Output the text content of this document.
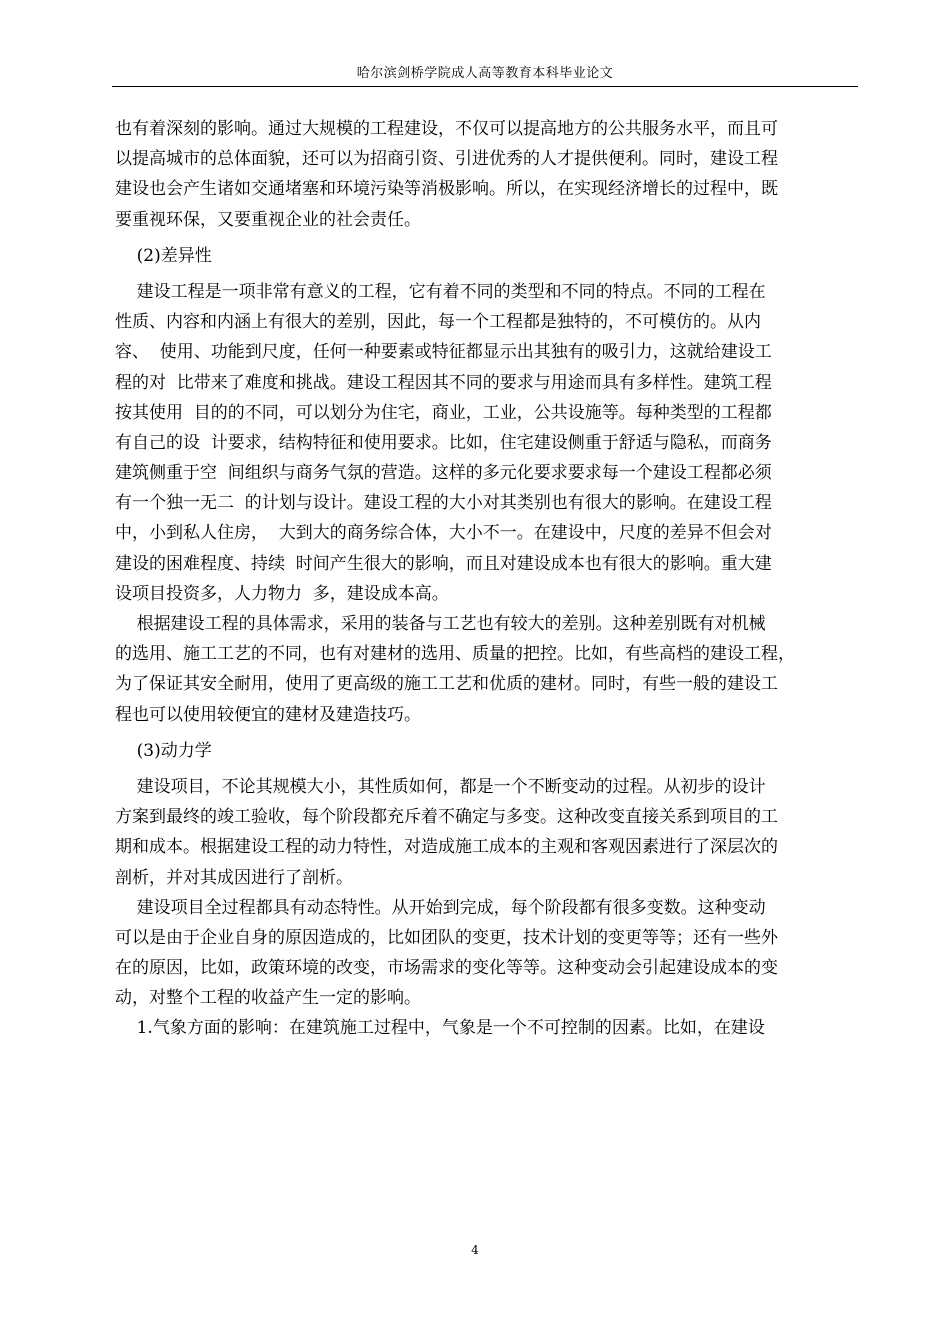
哈尔滨剑桥学院成人高等教育本科毕业论文
也有着深刻的影响。通过大规模的工程建设，不仅可以提高地方的公共服务水平，而且可
以提高城市的总体面貌，还可以为招商引资、引进优秀的人才提供便利。同时，建设工程
建设也会产生诸如交通堵塞和环境污染等消极影响。所以，在实现经济增长的过程中，既
要重视环保，又要重视企业的社会责任。
(2)差异性
建设工程是一项非常有意义的工程，它有着不同的类型和不同的特点。不同的工程在
性质、内容和内涵上有很大的差别，因此，每一个工程都是独特的，不可模仿的。从内
容、  使用、功能到尺度，任何一种要素或特征都显示出其独有的吸引力，这就给建设工
程的对  比带来了难度和挑战。建设工程因其不同的要求与用途而具有多样性。建筑工程
按其使用  目的的不同，可以划分为住宅，商业，工业，公共设施等。每种类型的工程都
有自己的设  计要求，结构特征和使用要求。比如，住宅建设侧重于舒适与隐私，而商务
建筑侧重于空  间组织与商务气氛的营造。这样的多元化要求要求每一个建设工程都必须
有一个独一无二  的计划与设计。建设工程的大小对其类别也有很大的影响。在建设工程
中，小到私人住房，  大到大的商务综合体，大小不一。在建设中，尺度的差异不但会对
建设的困难程度、持续  时间产生很大的影响，而且对建设成本也有很大的影响。重大建
设项目投资多，人力物力  多，建设成本高。
根据建设工程的具体需求，采用的装备与工艺也有较大的差别。这种差别既有对机械
的选用、施工工艺的不同，也有对建材的选用、质量的把控。比如，有些高档的建设工程，
为了保证其安全耐用，使用了更高级的施工工艺和优质的建材。同时，有些一般的建设工
程也可以使用较便宜的建材及建造技巧。
(3)动力学
建设项目，不论其规模大小，其性质如何，都是一个不断变动的过程。从初步的设计
方案到最终的竣工验收，每个阶段都充斥着不确定与多变。这种改变直接关系到项目的工
期和成本。根据建设工程的动力特性，对造成施工成本的主观和客观因素进行了深层次的
剖析，并对其成因进行了剖析。
建设项目全过程都具有动态特性。从开始到完成，每个阶段都有很多变数。这种变动
可以是由于企业自身的原因造成的，比如团队的变更，技术计划的变更等等；还有一些外
在的原因，比如，政策环境的改变，市场需求的变化等等。这种变动会引起建设成本的变
动，对整个工程的收益产生一定的影响。
1.气象方面的影响：在建筑施工过程中，气象是一个不可控制的因素。比如，在建设
4
